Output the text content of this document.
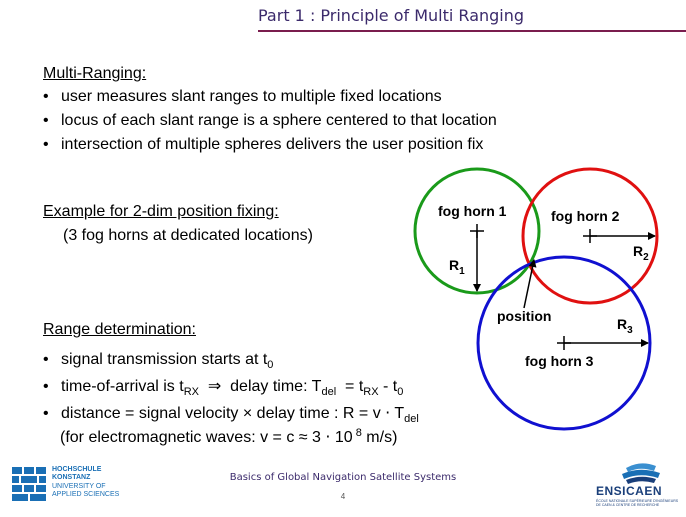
Part 1 : Principle of Multi Ranging
Multi-Ranging:
• user measures slant ranges to multiple fixed locations
• locus of each slant range is a sphere centered to that location
• intersection of multiple spheres delivers the user position fix
Example for 2-dim position fixing:
(3 fog horns at dedicated locations)
Range determination:
• signal transmission starts at $t_0$
• time-of-arrival is $t_{RX}$ ⇒ delay time: $T_{del} = t_{RX} - t_0$
• distance = signal velocity × delay time : $R = v \cdot T_{del}$
(for electromagnetic waves: v = c ≈ 3 ⋅ 10 $^8$ m/s)
fog horn 1	fog horn 2
fog horn 3
position
$R_1$
$R_2$
$R_3$
Basics of Global Navigation Satellite Systems
4
HOCHSCHULE
KONSTANZ
UNIVERSITY OF
APPLIED SCIENCES	ENSICAEN
ÉCOLE NATIONALE SUPÉRIEURE D'INGÉNIEURS DE CAEN & CENTRE DE RECHERCHE
